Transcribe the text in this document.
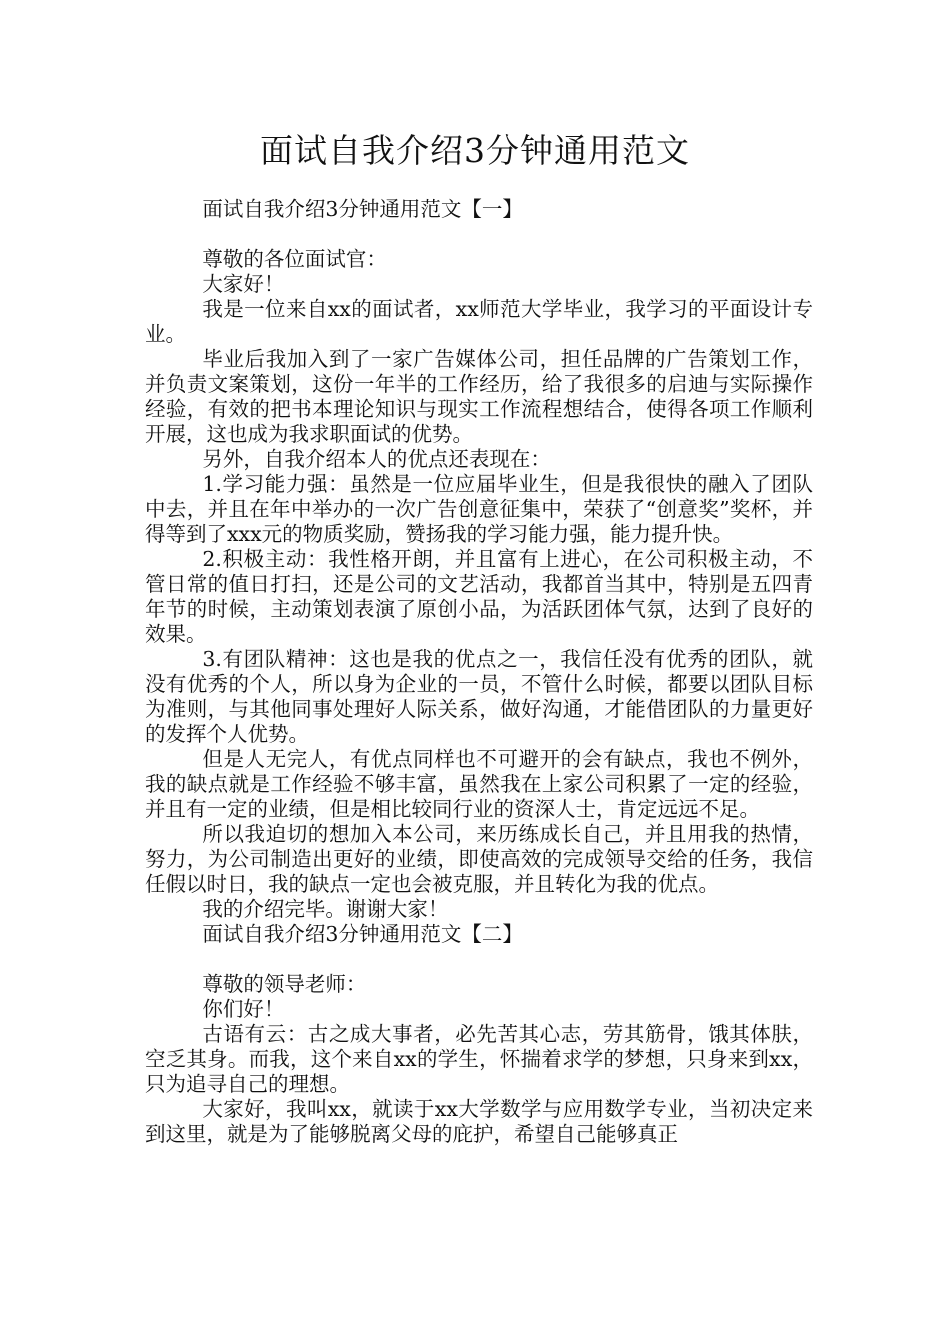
面试自我介绍3分钟通用范文

面试自我介绍3分钟通用范文【一】

尊敬的各位面试官：

大家好！

我是一位来自xx的面试者，xx师范大学毕业，我学习的平面设计专业。

毕业后我加入到了一家广告媒体公司，担任品牌的广告策划工作，并负责文案策划，这份一年半的工作经历，给了我很多的启迪与实际操作经验，有效的把书本理论知识与现实工作流程想结合，使得各项工作顺利开展，这也成为我求职面试的优势。

另外，自我介绍本人的优点还表现在：

1.学习能力强：虽然是一位应届毕业生，但是我很快的融入了团队中去，并且在年中举办的一次广告创意征集中，荣获了“创意奖”奖杯，并得等到了xxx元的物质奖励，赞扬我的学习能力强，能力提升快。

2.积极主动：我性格开朗，并且富有上进心，在公司积极主动，不管日常的值日打扫，还是公司的文艺活动，我都首当其中，特别是五四青年节的时候，主动策划表演了原创小品，为活跃团体气氛，达到了良好的效果。

3.有团队精神：这也是我的优点之一，我信任没有优秀的团队，就没有优秀的个人，所以身为企业的一员，不管什么时候，都要以团队目标为准则，与其他同事处理好人际关系，做好沟通，才能借团队的力量更好的发挥个人优势。

但是人无完人，有优点同样也不可避开的会有缺点，我也不例外，我的缺点就是工作经验不够丰富，虽然我在上家公司积累了一定的经验，并且有一定的业绩，但是相比较同行业的资深人士，肯定远远不足。

所以我迫切的想加入本公司，来历练成长自己，并且用我的热情，努力，为公司制造出更好的业绩，即使高效的完成领导交给的任务，我信任假以时日，我的缺点一定也会被克服，并且转化为我的优点。

我的介绍完毕。谢谢大家！

面试自我介绍3分钟通用范文【二】

尊敬的领导老师：

你们好！

古语有云：古之成大事者，必先苦其心志，劳其筋骨，饿其体肤，空乏其身。而我，这个来自xx的学生，怀揣着求学的梦想，只身来到xx，只为追寻自己的理想。

大家好，我叫xx，就读于xx大学数学与应用数学专业，当初决定来到这里，就是为了能够脱离父母的庇护，希望自己能够真正
